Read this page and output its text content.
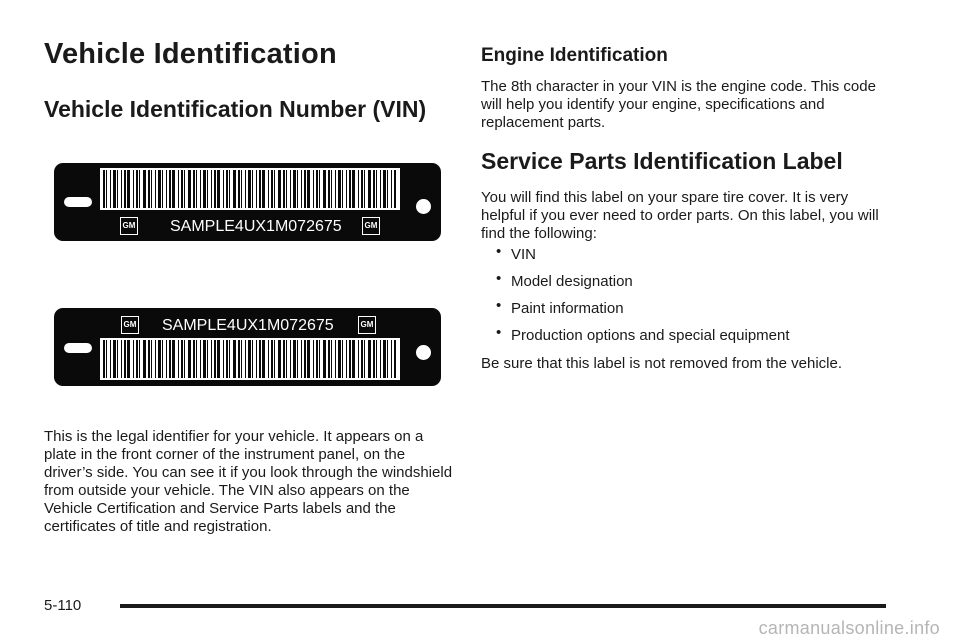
Vehicle Identification
Vehicle Identification Number (VIN)
GM SAMPLE4UX1M072675	GM
GM SAMPLE4UX1M072675	GM
This is the legal identifier for your vehicle. It appears on a plate in the front corner of the instrument panel, on the driver’s side. You can see it if you look through the windshield from outside your vehicle. The VIN also appears on the Vehicle Certification and Service Parts labels and the certificates of title and registration.
Engine Identification
The 8th character in your VIN is the engine code. This code will help you identify your engine, specifications and replacement parts.
Service Parts Identification Label
You will find this label on your spare tire cover. It is very helpful if you ever need to order parts. On this label, you will find the following:
• VIN
• Model designation
• Paint information
• Production options and special equipment
Be sure that this label is not removed from the vehicle.
5-110
carmanualsonline.info
